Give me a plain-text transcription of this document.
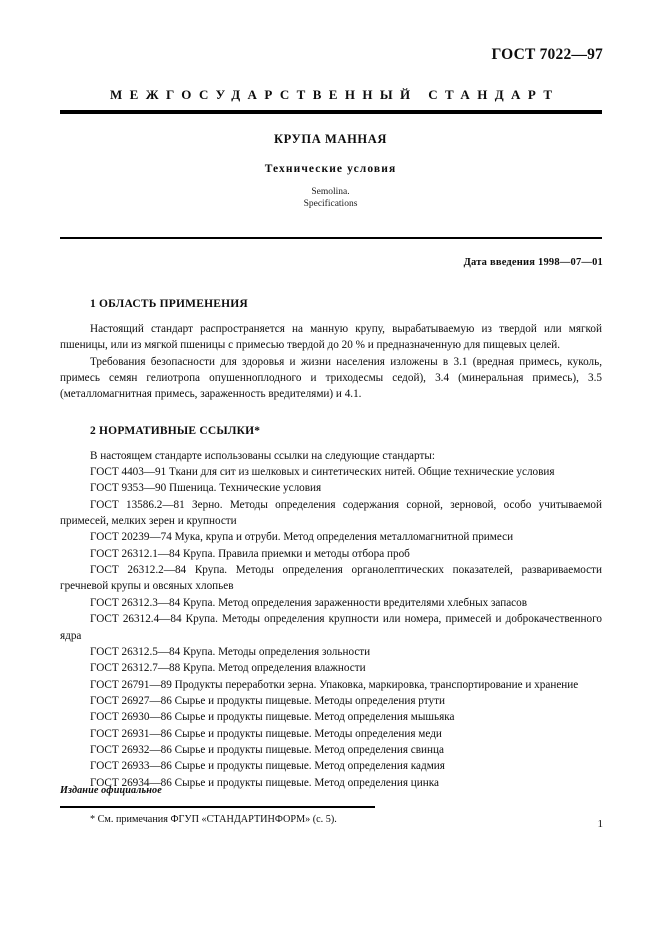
ГОСТ 7022—97
МЕЖГОСУДАРСТВЕННЫЙ СТАНДАРТ
КРУПА МАННАЯ
Технические условия
Semolina.
Specifications
Дата введения 1998—07—01
1 ОБЛАСТЬ ПРИМЕНЕНИЯ

Настоящий стандарт распространяется на манную крупу, вырабатываемую из твердой или мягкой пшеницы, или из мягкой пшеницы с примесью твердой до 20 % и предназначенную для пищевых целей.

Требования безопасности для здоровья и жизни населения изложены в 3.1 (вредная примесь, куколь, примесь семян гелиотропа опушеннoплодного и триходесмы седой), 3.4 (минеральная примесь), 3.5 (металломагнитная примесь, зараженность вредителями) и 4.1.

2 НОРМАТИВНЫЕ ССЫЛКИ*

В настоящем стандарте использованы ссылки на следующие стандарты:

ГОСТ 4403—91 Ткани для сит из шелковых и синтетических нитей. Общие технические условия

ГОСТ 9353—90 Пшеница. Технические условия

ГОСТ 13586.2—81 Зерно. Методы определения содержания сорной, зерновой, особо учитываемой примесей, мелких зерен и крупности

ГОСТ 20239—74 Мука, крупа и отруби. Метод определения металломагнитной примеси

ГОСТ 26312.1—84 Крупа. Правила приемки и методы отбора проб

ГОСТ 26312.2—84 Крупа. Методы определения органолептических показателей, развариваемости гречневой крупы и овсяных хлопьев

ГОСТ 26312.3—84 Крупа. Метод определения зараженности вредителями хлебных запасов

ГОСТ 26312.4—84 Крупа. Методы определения крупности или номера, примесей и доброкачественного ядра

ГОСТ 26312.5—84 Крупа. Методы определения зольности

ГОСТ 26312.7—88 Крупа. Метод определения влажности

ГОСТ 26791—89 Продукты переработки зерна. Упаковка, маркировка, транспортирование и хранение

ГОСТ 26927—86 Сырье и продукты пищевые. Методы определения ртути

ГОСТ 26930—86 Сырье и продукты пищевые. Метод определения мышьяка

ГОСТ 26931—86 Сырье и продукты пищевые. Методы определения меди

ГОСТ 26932—86 Сырье и продукты пищевые. Метод определения свинца

ГОСТ 26933—86 Сырье и продукты пищевые. Метод определения кадмия

ГОСТ 26934—86 Сырье и продукты пищевые. Метод определения цинка

Издание официальное
* См. примечания ФГУП «СТАНДАРТИНФОРМ» (с. 5).	1
